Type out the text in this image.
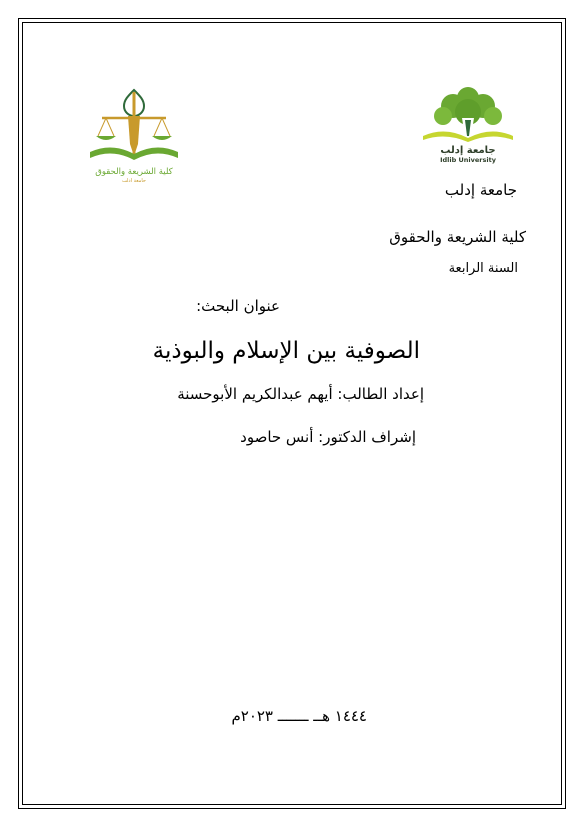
كلية الشريعة والحقوق
جامعة ادلب
جامعة إدلب
Idlib University
جامعة إدلب
كلية الشريعة والحقوق
السنة الرابعة
عنوان البحث:
الصوفية بين الإسلام والبوذية
إعداد الطالب: أيهم عبدالكريم الأبوحسنة
إشراف الدكتور: أنس حاصود
١٤٤٤ هــ ـــــــ ٢٠٢٣م
